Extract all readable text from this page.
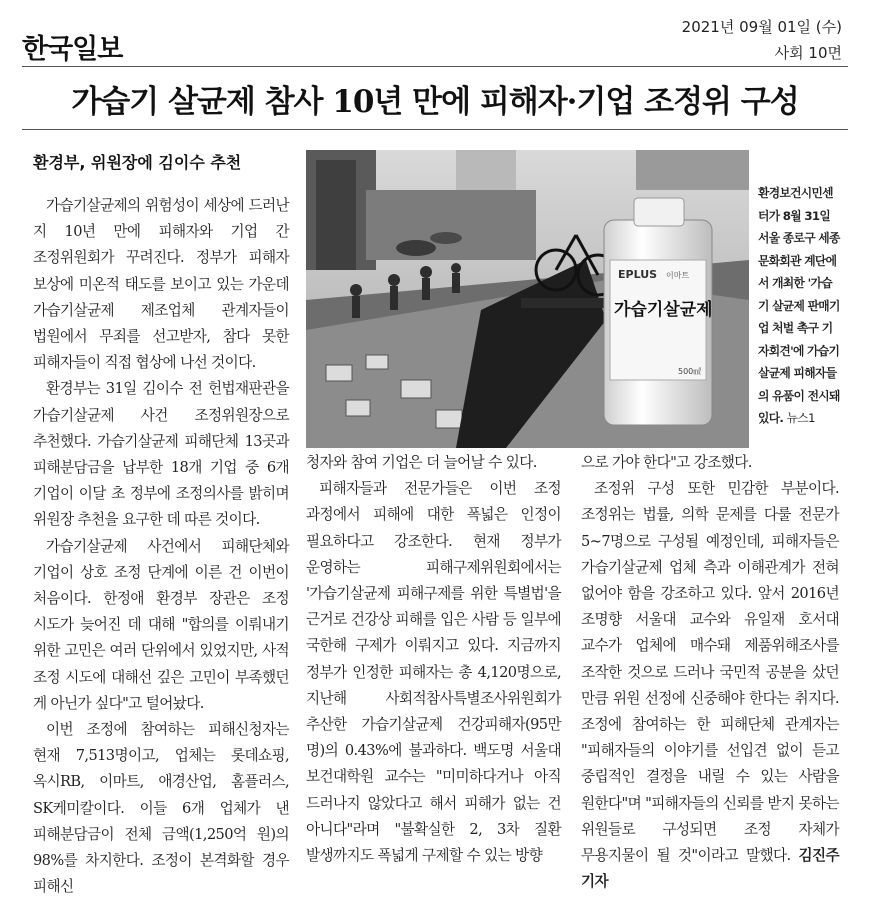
한국일보
2021년 09월 01일 (수)
사회 10면
가습기 살균제 참사 10년 만에 피해자·기업 조정위 구성
환경부, 위원장에 김이수 추천

가습기살균제의 위험성이 세상에 드러난 지 10년 만에 피해자와 기업 간 조정위원회가 꾸려진다. 정부가 피해자 보상에 미온적 태도를 보이고 있는 가운데 가습기살균제 제조업체 관계자들이 법원에서 무죄를 선고받자, 참다 못한 피해자들이 직접 협상에 나선 것이다.

환경부는 31일 김이수 전 헌법재판관을 가습기살균제 사건 조정위원장으로 추천했다. 가습기살균제 피해단체 13곳과 피해분담금을 납부한 18개 기업 중 6개 기업이 이달 초 정부에 조정의사를 밝히며 위원장 추천을 요구한 데 따른 것이다.

가습기살균제 사건에서 피해단체와 기업이 상호 조정 단계에 이른 건 이번이 처음이다. 한정애 환경부 장관은 조정 시도가 늦어진 데 대해 "합의를 이뤄내기 위한 고민은 여러 단위에서 있었지만, 사적 조정 시도에 대해선 깊은 고민이 부족했던 게 아닌가 싶다"고 털어놨다.

이번 조정에 참여하는 피해신청자는 현재 7,513명이고, 업체는 롯데쇼핑, 옥시RB, 이마트, 애경산업, 홈플러스, SK케미칼이다. 이들 6개 업체가 낸 피해분담금이 전체 금액(1,250억 원)의 98%를 차지한다. 조정이 본격화할 경우 피해신

EPLUS 이마트
가습기살균제
500㎖
환경보건시민센터가 8월 31일 서울 종로구 세종문화회관 계단에서 개최한 '가습기 살균제 판매기업 처벌 촉구 기자회견'에 가습기 살균제 피해자들의 유품이 전시돼 있다. 뉴스1

청자와 참여 기업은 더 늘어날 수 있다.

피해자들과 전문가들은 이번 조정 과정에서 피해에 대한 폭넓은 인정이 필요하다고 강조한다. 현재 정부가 운영하는 피해구제위원회에서는 '가습기살균제 피해구제를 위한 특별법'을 근거로 건강상 피해를 입은 사람 등 일부에 국한해 구제가 이뤄지고 있다. 지금까지 정부가 인정한 피해자는 총 4,120명으로, 지난해 사회적참사특별조사위원회가 추산한 가습기살균제 건강피해자(95만 명)의 0.43%에 불과하다. 백도명 서울대 보건대학원 교수는 "미미하다거나 아직 드러나지 않았다고 해서 피해가 없는 건 아니다"라며 "불확실한 2, 3차 질환 발생까지도 폭넓게 구제할 수 있는 방향

으로 가야 한다"고 강조했다.

조정위 구성 또한 민감한 부분이다. 조정위는 법률, 의학 문제를 다룰 전문가 5~7명으로 구성될 예정인데, 피해자들은 가습기살균제 업체 측과 이해관계가 전혀 없어야 함을 강조하고 있다. 앞서 2016년 조명향 서울대 교수와 유일재 호서대 교수가 업체에 매수돼 제품위해조사를 조작한 것으로 드러나 국민적 공분을 샀던 만큼 위원 선정에 신중해야 한다는 취지다. 조정에 참여하는 한 피해단체 관계자는 "피해자들의 이야기를 선입견 없이 듣고 중립적인 결정을 내릴 수 있는 사람을 원한다"며 "피해자들의 신뢰를 받지 못하는 위원들로 구성되면 조정 자체가 무용지물이 될 것"이라고 말했다. 김진주 기자
